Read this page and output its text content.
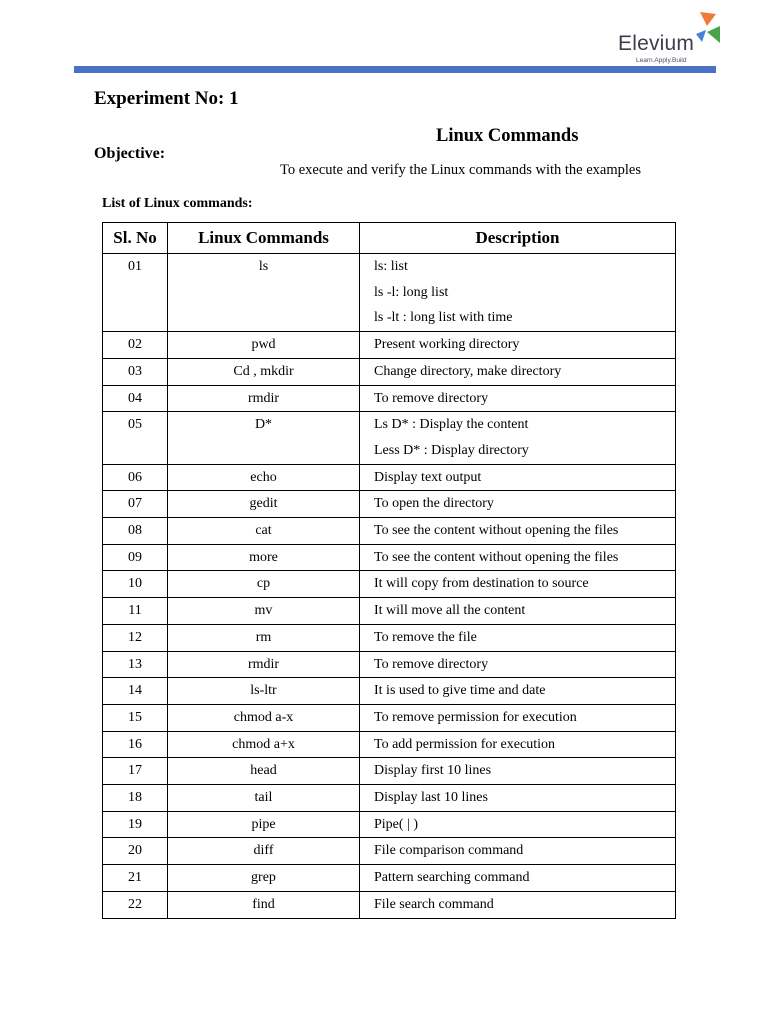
Elevium
Learn.Apply.Build
Experiment No: 1
Linux Commands
Objective:
To execute and verify the Linux commands with the examples
List of Linux commands:
Sl. No	Linux Commands	Description
01	ls	ls: list
ls -l: long list
ls -lt : long list with time

02	pwd	Present working directory

03	Cd , mkdir	Change directory, make directory

04	rmdir	To remove directory

05	D*	Ls D* : Display the content
Less D* : Display directory

06	echo	Display text output

07	gedit	To open the directory

08	cat	To see the content without opening the files

09	more	To see the content without opening the files

10	cp	It will copy from destination to source

11	mv	It will move all the content

12	rm	To remove the file

13	rmdir	To remove directory

14	ls-ltr	It is used to give time and date

15	chmod a-x	To remove permission for execution

16	chmod a+x	To add permission for execution

17	head	Display first 10 lines

18	tail	Display last 10 lines

19	pipe	Pipe( | )

20	diff	File comparison command

21	grep	Pattern searching command

22	find	File search command
